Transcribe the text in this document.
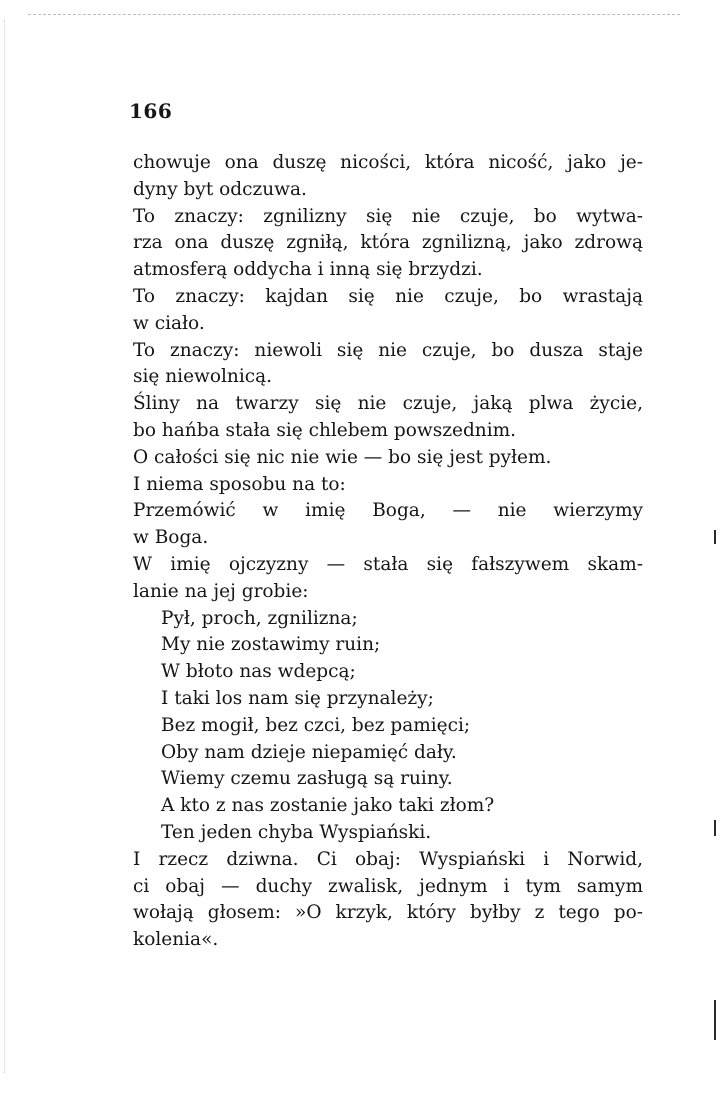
166

chowuje ona duszę nicości, która nicość, jako je-
dyny byt odczuwa.

To znaczy: zgnilizny się nie czuje, bo wytwa-
rza ona duszę zgniłą, która zgnilizną, jako zdrową
atmosferą oddycha i inną się brzydzi.

To znaczy: kajdan się nie czuje, bo wrastają
w ciało.

To znaczy: niewoli się nie czuje, bo dusza staje
się niewolnicą.

Śliny na twarzy się nie czuje, jaką plwa życie,
bo hańba stała się chlebem powszednim.

O całości się nic nie wie — bo się jest pyłem.

I niema sposobu na to:

Przemówić w imię Boga, — nie wierzymy
w Boga.

W imię ojczyzny — stała się fałszywem skam-
lanie na jej grobie:

Pył, proch, zgnilizna;
My nie zostawimy ruin;
W błoto nas wdepcą;
I taki los nam się przynależy;
Bez mogił, bez czci, bez pamięci;
Oby nam dzieje niepamięć dały.
Wiemy czemu zasługą są ruiny.
A kto z nas zostanie jako taki złom?
Ten jeden chyba Wyspiański.

I rzecz dziwna. Ci obaj: Wyspiański i Norwid,
ci obaj — duchy zwalisk, jednym i tym samym
wołają głosem: »O krzyk, który byłby z tego po-
kolenia«.
